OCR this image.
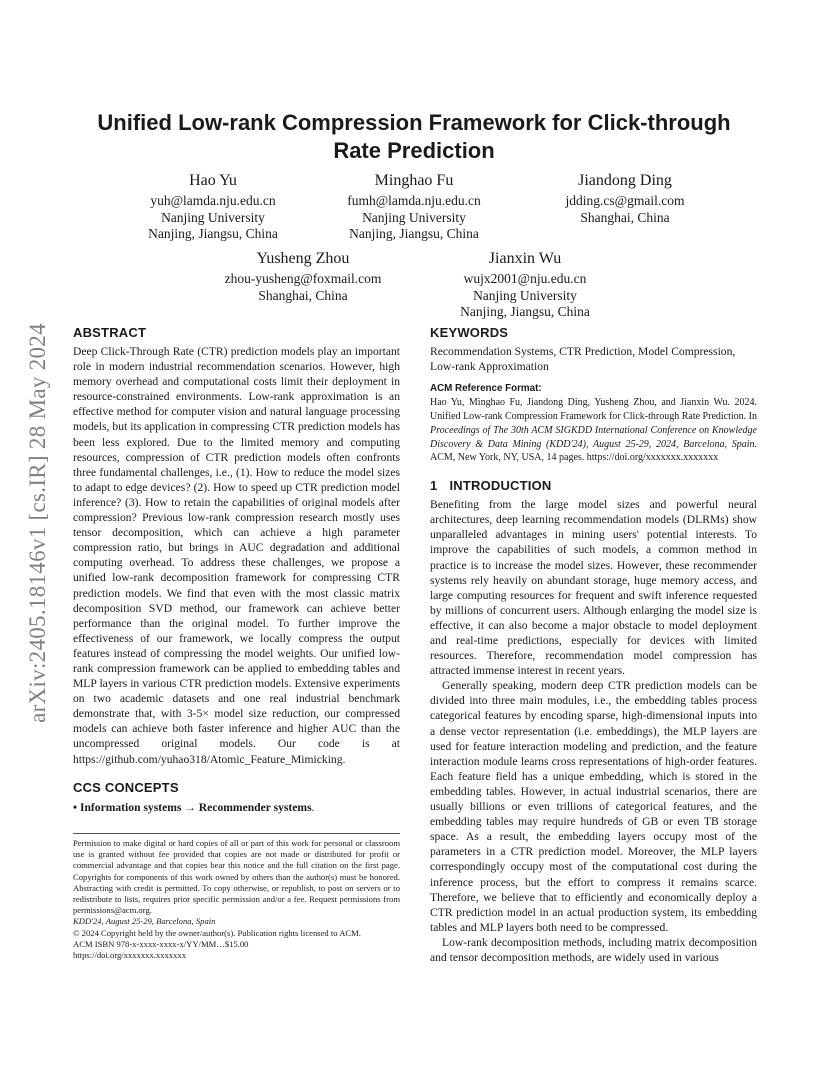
arXiv:2405.18146v1 [cs.IR] 28 May 2024
Unified Low-rank Compression Framework for Click-through Rate Prediction
Hao Yu
yuh@lamda.nju.edu.cn
Nanjing University
Nanjing, Jiangsu, China
Minghao Fu
fumh@lamda.nju.edu.cn
Nanjing University
Nanjing, Jiangsu, China
Jiandong Ding
jdding.cs@gmail.com
Shanghai, China
Yusheng Zhou
zhou-yusheng@foxmail.com
Shanghai, China
Jianxin Wu
wujx2001@nju.edu.cn
Nanjing University
Nanjing, Jiangsu, China
ABSTRACT

Deep Click-Through Rate (CTR) prediction models play an important role in modern industrial recommendation scenarios. However, high memory overhead and computational costs limit their deployment in resource-constrained environments. Low-rank approximation is an effective method for computer vision and natural language processing models, but its application in compressing CTR prediction models has been less explored. Due to the limited memory and computing resources, compression of CTR prediction models often confronts three fundamental challenges, i.e., (1). How to reduce the model sizes to adapt to edge devices? (2). How to speed up CTR prediction model inference? (3). How to retain the capabilities of original models after compression? Previous low-rank compression research mostly uses tensor decomposition, which can achieve a high parameter compression ratio, but brings in AUC degradation and additional computing overhead. To address these challenges, we propose a unified low-rank decomposition framework for compressing CTR prediction models. We find that even with the most classic matrix decomposition SVD method, our framework can achieve better performance than the original model. To further improve the effectiveness of our framework, we locally compress the output features instead of compressing the model weights. Our unified low-rank compression framework can be applied to embedding tables and MLP layers in various CTR prediction models. Extensive experiments on two academic datasets and one real industrial benchmark demonstrate that, with 3-5× model size reduction, our compressed models can achieve both faster inference and higher AUC than the uncompressed original models. Our code is at https://github.com/yuhao318/Atomic_Feature_Mimicking.

CCS CONCEPTS

• Information systems → Recommender systems.

Permission to make digital or hard copies of all or part of this work for personal or classroom use is granted without fee provided that copies are not made or distributed for profit or commercial advantage and that copies bear this notice and the full citation on the first page. Copyrights for components of this work owned by others than the author(s) must be honored. Abstracting with credit is permitted. To copy otherwise, or republish, to post on servers or to redistribute to lists, requires prior specific permission and/or a fee. Request permissions from permissions@acm.org.

KDD'24, August 25-29, Barcelona, Spain

© 2024 Copyright held by the owner/author(s). Publication rights licensed to ACM.

ACM ISBN 978-x-xxxx-xxxx-x/YY/MM…$15.00

https://doi.org/xxxxxxx.xxxxxxx

KEYWORDS

Recommendation Systems, CTR Prediction, Model Compression, Low-rank Approximation

ACM Reference Format:

Hao Yu, Minghao Fu, Jiandong Ding, Yusheng Zhou, and Jianxin Wu. 2024. Unified Low-rank Compression Framework for Click-through Rate Prediction. In Proceedings of The 30th ACM SIGKDD International Conference on Knowledge Discovery & Data Mining (KDD'24), August 25-29, 2024, Barcelona, Spain. ACM, New York, NY, USA, 14 pages. https://doi.org/xxxxxxx.xxxxxxx

1 INTRODUCTION

Benefiting from the large model sizes and powerful neural architectures, deep learning recommendation models (DLRMs) show unparalleled advantages in mining users' potential interests. To improve the capabilities of such models, a common method in practice is to increase the model sizes. However, these recommender systems rely heavily on abundant storage, huge memory access, and large computing resources for frequent and swift inference requested by millions of concurrent users. Although enlarging the model size is effective, it can also become a major obstacle to model deployment and real-time predictions, especially for devices with limited resources. Therefore, recommendation model compression has attracted immense interest in recent years.

Generally speaking, modern deep CTR prediction models can be divided into three main modules, i.e., the embedding tables process categorical features by encoding sparse, high-dimensional inputs into a dense vector representation (i.e. embeddings), the MLP layers are used for feature interaction modeling and prediction, and the feature interaction module learns cross representations of high-order features. Each feature field has a unique embedding, which is stored in the embedding tables. However, in actual industrial scenarios, there are usually billions or even trillions of categorical features, and the embedding tables may require hundreds of GB or even TB storage space. As a result, the embedding layers occupy most of the parameters in a CTR prediction model. Moreover, the MLP layers correspondingly occupy most of the computational cost during the inference process, but the effort to compress it remains scarce. Therefore, we believe that to efficiently and economically deploy a CTR prediction model in an actual production system, its embedding tables and MLP layers both need to be compressed.

Low-rank decomposition methods, including matrix decomposition and tensor decomposition methods, are widely used in various
